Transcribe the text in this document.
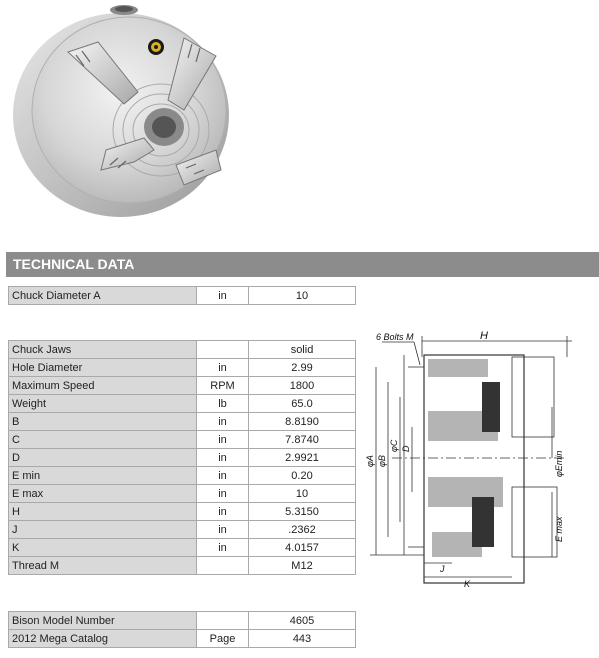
TECHNICAL DATA
Chuck Diameter A	in	10
Chuck Jaws		solid
Hole Diameter	in	2.99
Maximum Speed	RPM	1800
Weight	lb	65.0
B	in	8.8190
C	in	7.8740
D	in	2.9921
E min	in	0.20
E max	in	10
H	in	5.3150
J	in	.2362
K	in	4.0157
Thread M		M12
Bison Model Number		4605
2012 Mega Catalog	Page	443
6 Bolts M	H
φA φB
φC D
φEmin
E max
J
K
